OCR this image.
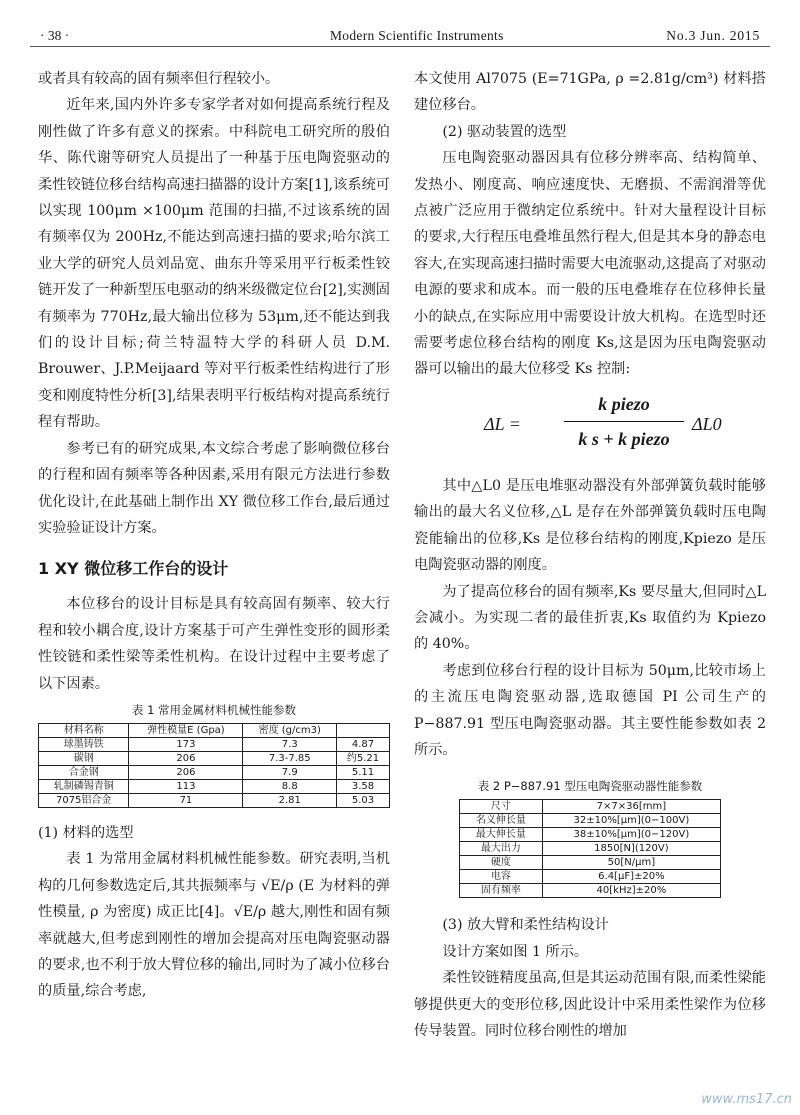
· 38 ·	Modern Scientific Instruments	No.3 Jun. 2015

或者具有较高的固有频率但行程较小。

近年来,国内外许多专家学者对如何提高系统行程及刚性做了许多有意义的探索。中科院电工研究所的殷伯华、陈代谢等研究人员提出了一种基于压电陶瓷驱动的柔性铰链位移台结构高速扫描器的设计方案[1],该系统可以实现 100μm ×100μm 范围的扫描,不过该系统的固有频率仅为 200Hz,不能达到高速扫描的要求;哈尔滨工业大学的研究人员刘品宽、曲东升等采用平行板柔性铰链开发了一种新型压电驱动的纳米级微定位台[2],实测固有频率为 770Hz,最大输出位移为 53μm,还不能达到我们的设计目标;荷兰特温特大学的科研人员 D.M. Brouwer、J.P.Meijaard 等对平行板柔性结构进行了形变和刚度特性分析[3],结果表明平行板结构对提高系统行程有帮助。

参考已有的研究成果,本文综合考虑了影响微位移台的行程和固有频率等各种因素,采用有限元方法进行参数优化设计,在此基础上制作出 XY 微位移工作台,最后通过实验验证设计方案。

1 XY 微位移工作台的设计

本位移台的设计目标是具有较高固有频率、较大行程和较小耦合度,设计方案基于可产生弹性变形的圆形柔性铰链和柔性梁等柔性机构。在设计过程中主要考虑了以下因素。

表 1 常用金属材料机械性能参数
材料名称	弹性模量E (Gpa)	密度 (g/cm3)	
球墨铸铁	173	7.3	4.87
碳钢	206	7.3-7.85	约5.21
合金钢	206	7.9	5.11
轧制磷锡青铜	113	8.8	3.58
7075铝合金	71	2.81	5.03

(1) 材料的选型

表 1 为常用金属材料机械性能参数。研究表明,当机构的几何参数选定后,其共振频率与 √E/ρ (E 为材料的弹性模量, ρ 为密度) 成正比[4]。√E/ρ 越大,刚性和固有频率就越大,但考虑到刚性的增加会提高对压电陶瓷驱动器的要求,也不利于放大臂位移的输出,同时为了减小位移台的质量,综合考虑,

本文使用 Al7075 (E=71GPa, ρ =2.81g/cm³) 材料搭建位移台。

(2) 驱动装置的选型

压电陶瓷驱动器因具有位移分辨率高、结构简单、发热小、刚度高、响应速度快、无磨损、不需润滑等优点被广泛应用于微纳定位系统中。针对大量程设计目标的要求,大行程压电叠堆虽然行程大,但是其本身的静态电容大,在实现高速扫描时需要大电流驱动,这提高了对驱动电源的要求和成本。而一般的压电叠堆存在位移伸长量小的缺点,在实际应用中需要设计放大机构。在选型时还需要考虑位移台结构的刚度 Ks,这是因为压电陶瓷驱动器可以输出的最大位移受 Ks 控制:

ΔL =
k piezo
k s + k piezo
ΔL0

其中△L0 是压电堆驱动器没有外部弹簧负载时能够输出的最大名义位移,△L 是存在外部弹簧负载时压电陶瓷能输出的位移,Ks 是位移台结构的刚度,Kpiezo 是压电陶瓷驱动器的刚度。

为了提高位移台的固有频率,Ks 要尽量大,但同时△L 会减小。为实现二者的最佳折衷,Ks 取值约为 Kpiezo 的 40%。

考虑到位移台行程的设计目标为 50μm,比较市场上的主流压电陶瓷驱动器,选取德国 PI 公司生产的 P−887.91 型压电陶瓷驱动器。其主要性能参数如表 2 所示。

表 2 P−887.91 型压电陶瓷驱动器性能参数
尺寸	7×7×36[mm]
名义伸长量	32±10%[μm](0−100V)
最大伸长量	38±10%[μm](0−120V)
最大出力	1850[N](120V)
硬度	50[N/μm]
电容	6.4[μF]±20%
固有频率	40[kHz]±20%

(3) 放大臂和柔性结构设计

设计方案如图 1 所示。

柔性铰链精度虽高,但是其运动范围有限,而柔性梁能够提供更大的变形位移,因此设计中采用柔性梁作为位移传导装置。同时位移台刚性的增加

www.ms17.cn
